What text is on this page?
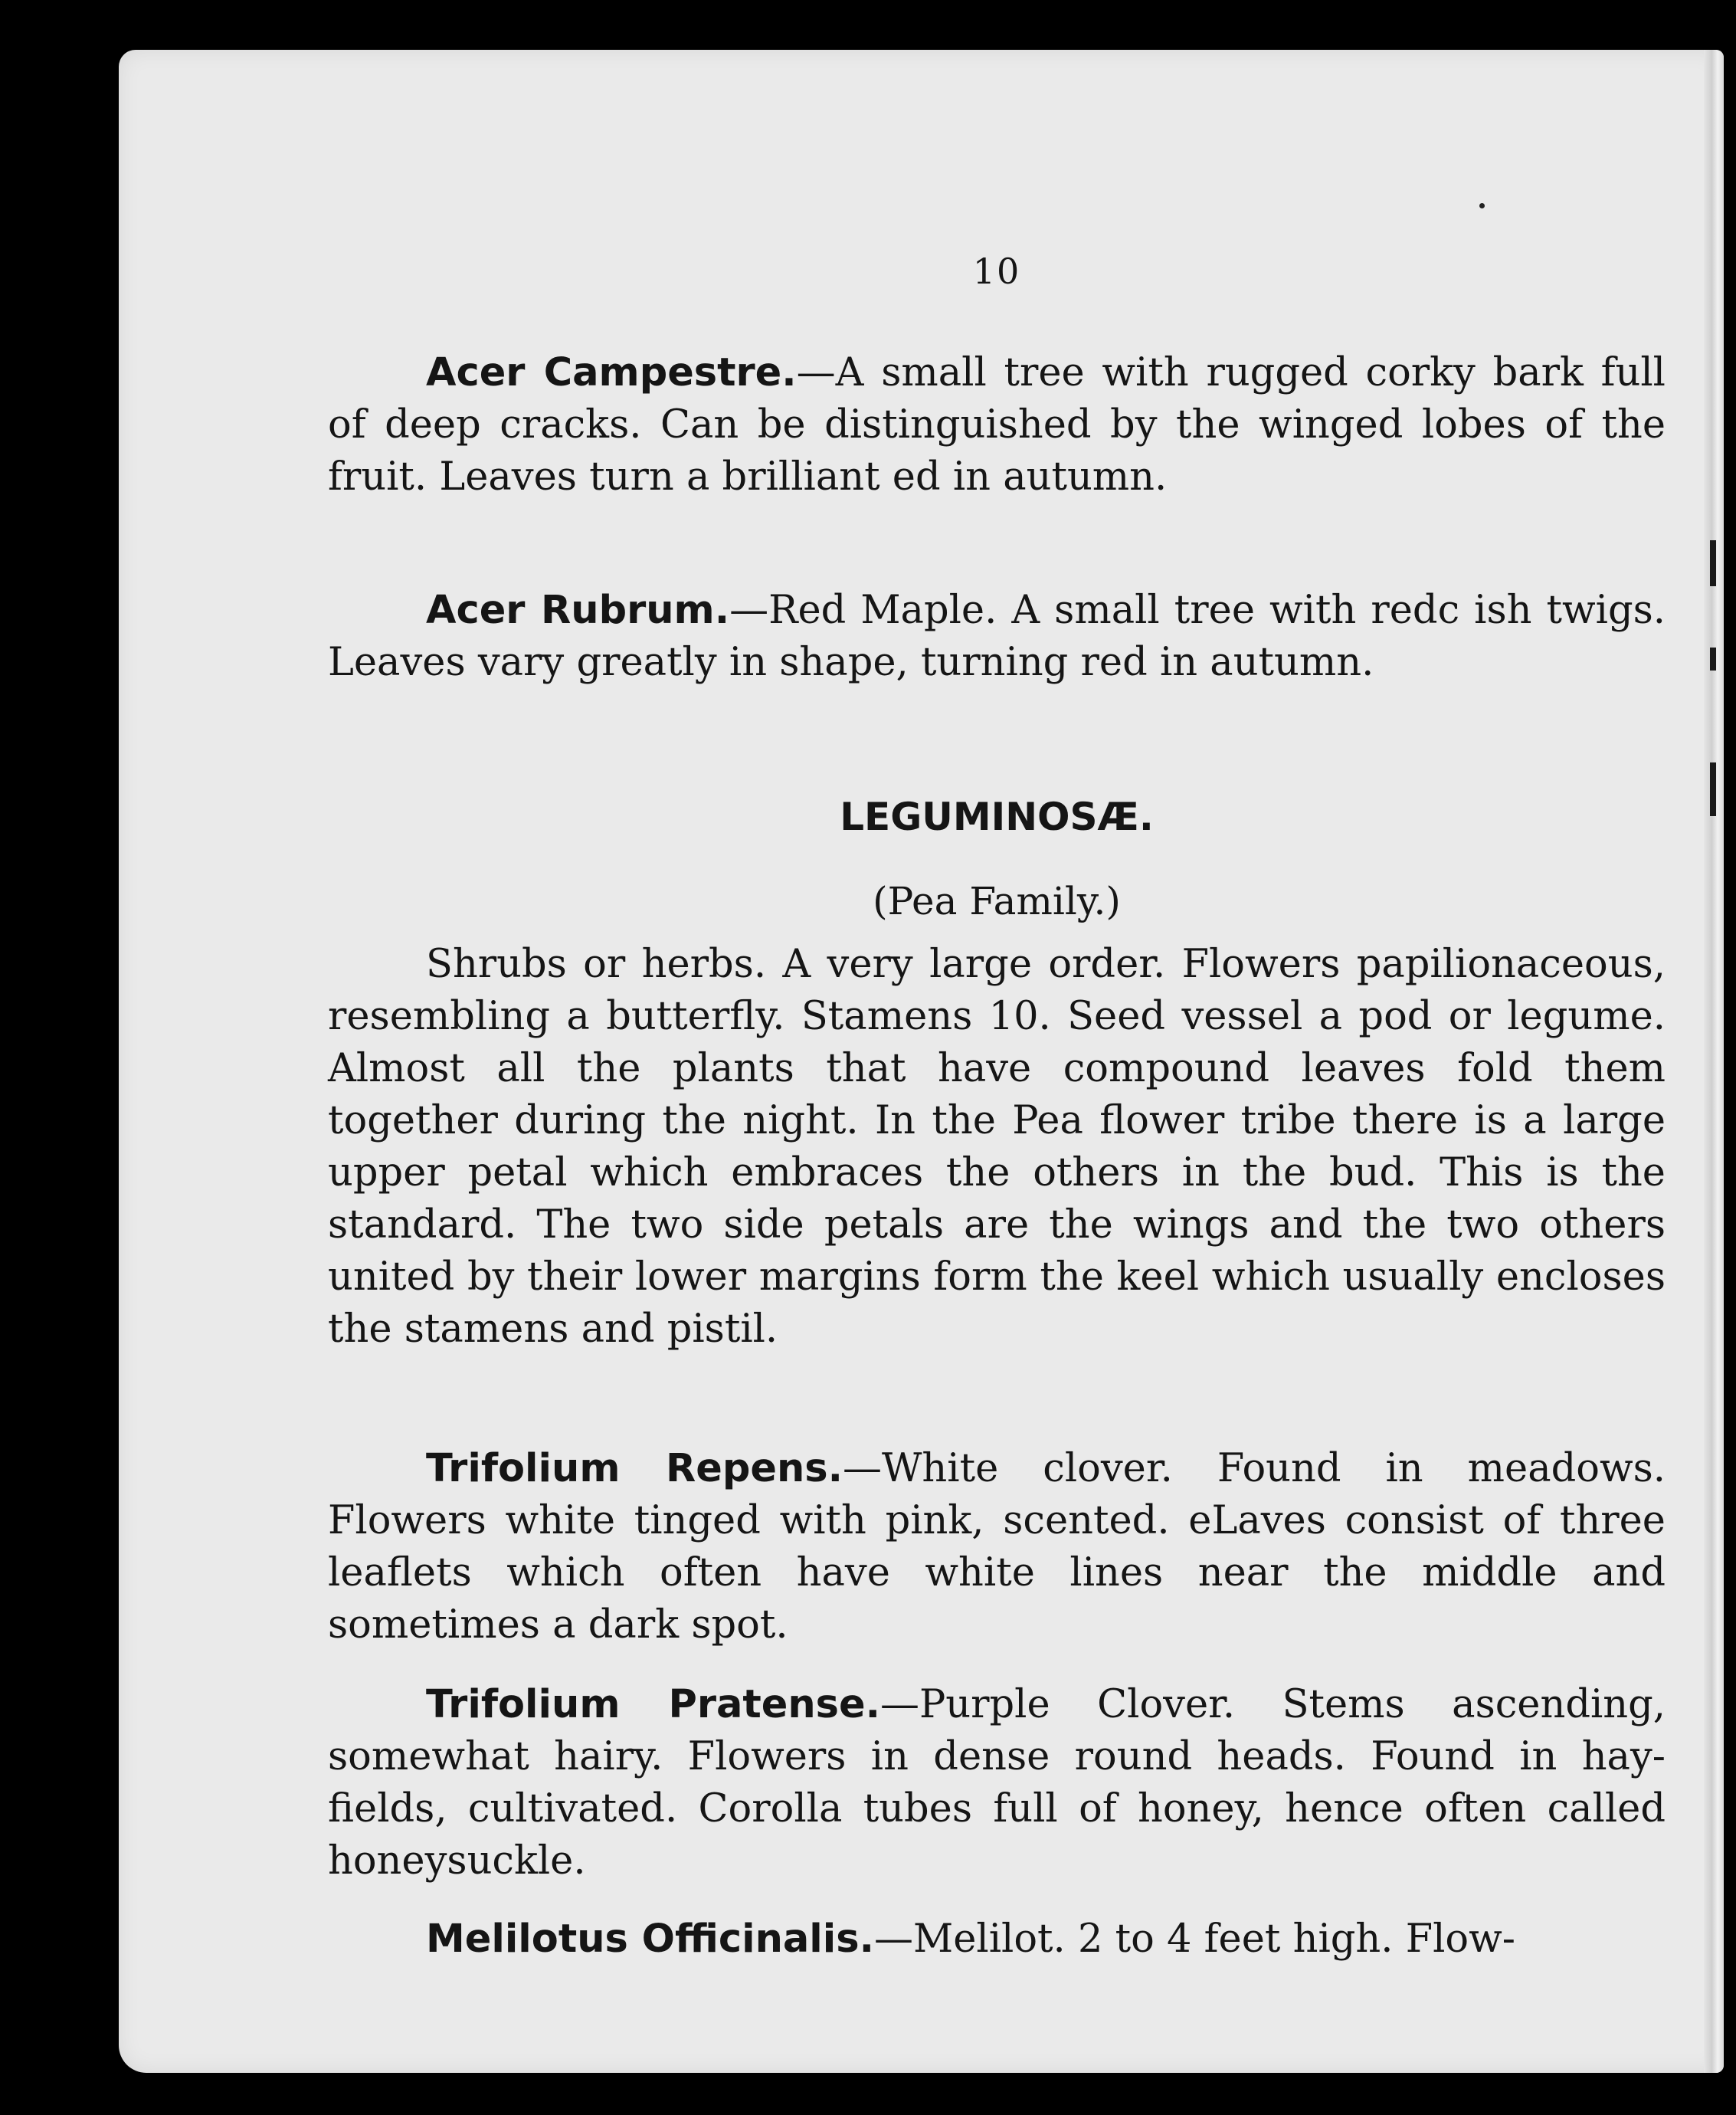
10

Acer Campestre.—A small tree with rugged corky bark full of deep cracks. Can be distinguished by the winged lobes of the fruit. Leaves turn a brilliant ed in autumn.

Acer Rubrum.—Red Maple. A small tree with redc ish twigs. Leaves vary greatly in shape, turning red in autumn.

LEGUMINOSÆ.
(Pea Family.)

Shrubs or herbs. A very large order. Flowers papilionaceous, resembling a butterfly. Stamens 10. Seed vessel a pod or legume. Almost all the plants that have compound leaves fold them together during the night. In the Pea flower tribe there is a large upper petal which embraces the others in the bud. This is the standard. The two side petals are the wings and the two others united by their lower margins form the keel which usually encloses the stamens and pistil.

Trifolium Repens.—White clover. Found in meadows. Flowers white tinged with pink, scented. eLaves consist of three leaflets which often have white lines near the middle and sometimes a dark spot.

Trifolium Pratense.—Purple Clover. Stems ascending, somewhat hairy. Flowers in dense round heads. Found in hay-fields, cultivated. Corolla tubes full of honey, hence often called honeysuckle.

Melilotus Officinalis.—Melilot. 2 to 4 feet high. Flow-
